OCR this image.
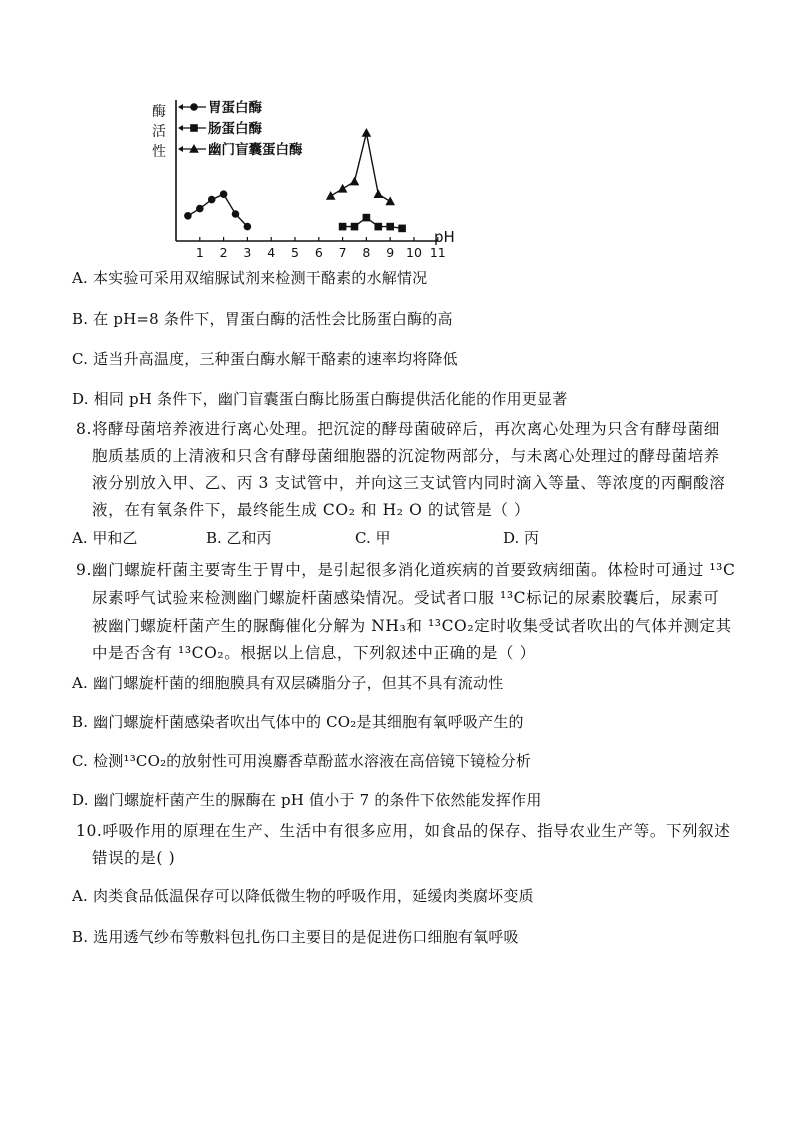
酶活性
pH
1 2 3 4 5 6 7 8 9 10 11
胃蛋白酶
肠蛋白酶
幽门盲囊蛋白酶
A. 本实验可采用双缩脲试剂来检测干酪素的水解情况
B. 在 pH=8 条件下，胃蛋白酶的活性会比肠蛋白酶的高
C. 适当升高温度，三种蛋白酶水解干酪素的速率均将降低
D. 相同 pH 条件下，幽门盲囊蛋白酶比肠蛋白酶提供活化能的作用更显著
8.将酵母菌培养液进行离心处理。把沉淀的酵母菌破碎后，再次离心处理为只含有酵母菌细
胞质基质的上清液和只含有酵母菌细胞器的沉淀物两部分，与未离心处理过的酵母菌培养
液分别放入甲、乙、丙 3 支试管中，并向这三支试管内同时滴入等量、等浓度的丙酮酸溶
液，在有氧条件下，最终能生成 CO₂ 和 H₂ O 的试管是（ ）
A. 甲和乙	B. 乙和丙	C. 甲	D. 丙
9.幽门螺旋杆菌主要寄生于胃中，是引起很多消化道疾病的首要致病细菌。体检时可通过 ¹³C
尿素呼气试验来检测幽门螺旋杆菌感染情况。受试者口服 ¹³C标记的尿素胶囊后，尿素可
被幽门螺旋杆菌产生的脲酶催化分解为 NH₃和 ¹³CO₂定时收集受试者吹出的气体并测定其
中是否含有 ¹³CO₂。根据以上信息，下列叙述中正确的是（ ）
A. 幽门螺旋杆菌的细胞膜具有双层磷脂分子，但其不具有流动性
B. 幽门螺旋杆菌感染者吹出气体中的 CO₂是其细胞有氧呼吸产生的
C. 检测¹³CO₂的放射性可用溴麝香草酚蓝水溶液在高倍镜下镜检分析
D. 幽门螺旋杆菌产生的脲酶在 pH 值小于 7 的条件下依然能发挥作用
10.呼吸作用的原理在生产、生活中有很多应用，如食品的保存、指导农业生产等。下列叙述
错误的是( )
A. 肉类食品低温保存可以降低微生物的呼吸作用，延缓肉类腐坏变质
B. 选用透气纱布等敷料包扎伤口主要目的是促进伤口细胞有氧呼吸
